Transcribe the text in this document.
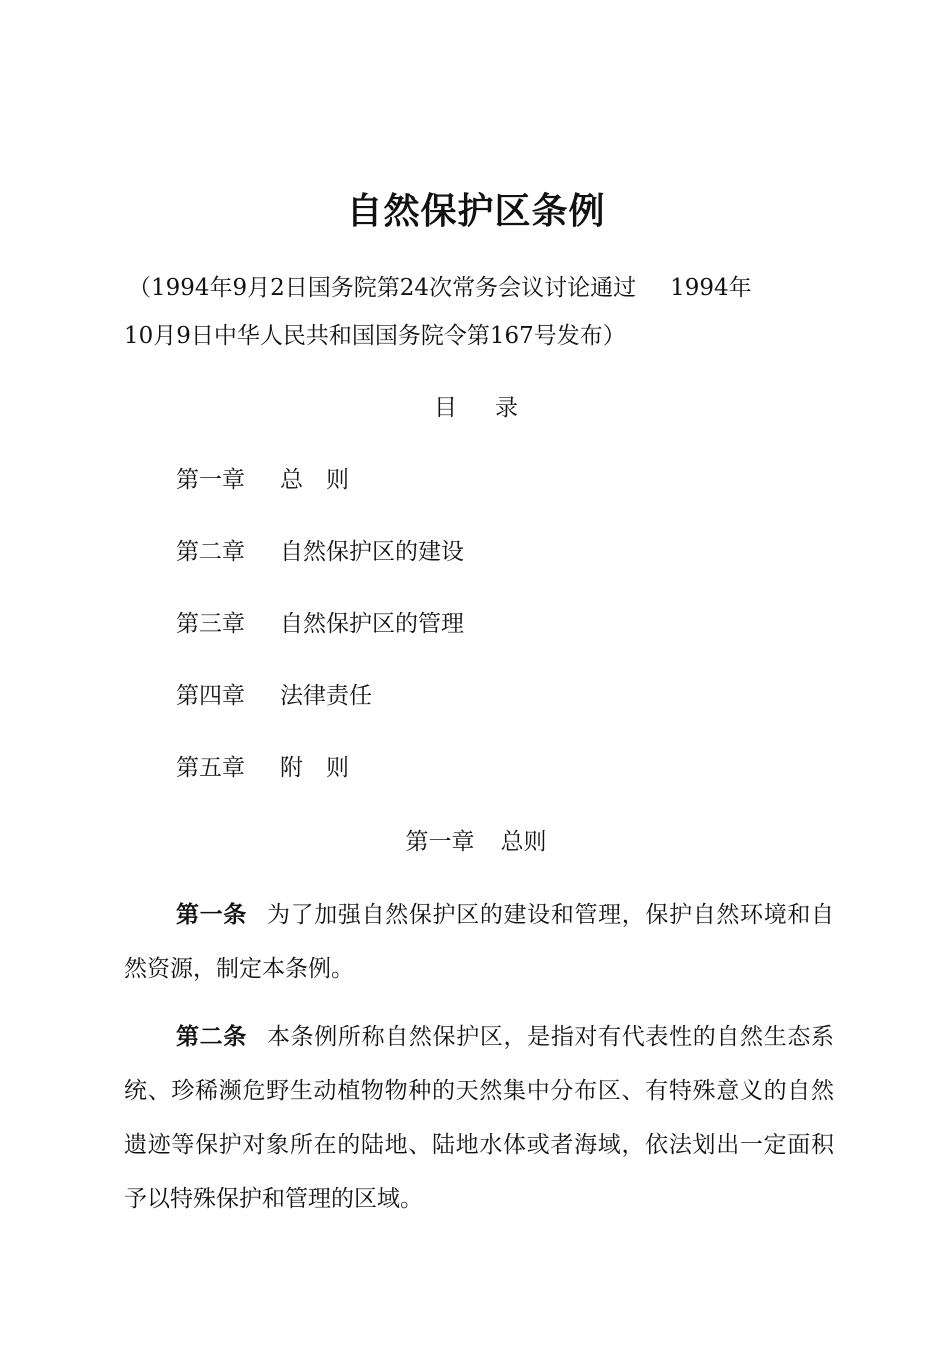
自然保护区条例
（1994年9月2日国务院第24次常务会议讨论通过 1994年
10月9日中华人民共和国国务院令第167号发布）
目 录
第一章 总　则
第二章 自然保护区的建设
第三章 自然保护区的管理
第四章 法律责任
第五章 附　则
第一章 总则
第一条 为了加强自然保护区的建设和管理，保护自然环境和自然资源，制定本条例。
第二条 本条例所称自然保护区，是指对有代表性的自然生态系统、珍稀濒危野生动植物物种的天然集中分布区、有特殊意义的自然遗迹等保护对象所在的陆地、陆地水体或者海域，依法划出一定面积予以特殊保护和管理的区域。
